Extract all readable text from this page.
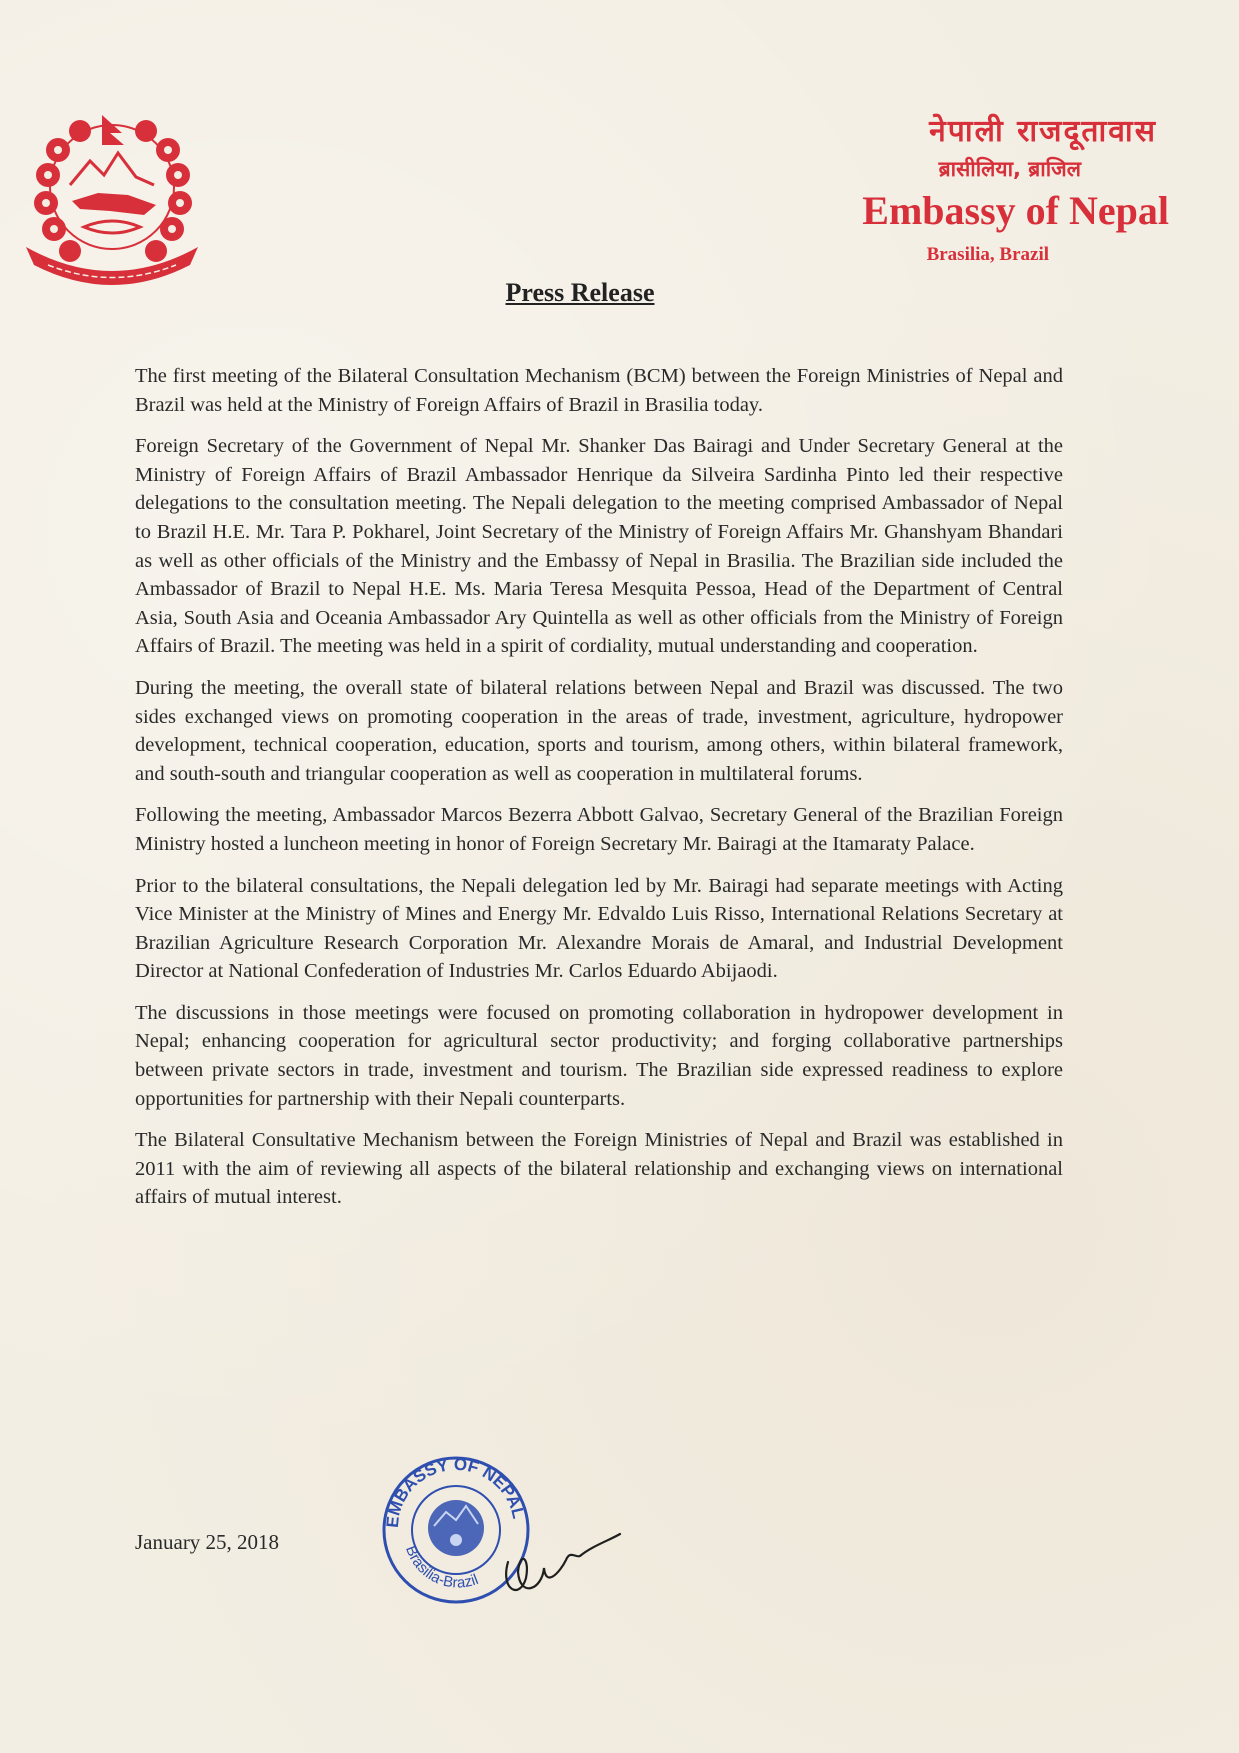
नेपाली राजदूतावास

ब्रासीलिया, ब्राजिल

Embassy of Nepal

Brasilia, Brazil

Press Release

The first meeting of the Bilateral Consultation Mechanism (BCM) between the Foreign Ministries of Nepal and Brazil was held at the Ministry of Foreign Affairs of Brazil in Brasilia today.

Foreign Secretary of the Government of Nepal Mr. Shanker Das Bairagi and Under Secretary General at the Ministry of Foreign Affairs of Brazil Ambassador Henrique da Silveira Sardinha Pinto led their respective delegations to the consultation meeting. The Nepali delegation to the meeting comprised Ambassador of Nepal to Brazil H.E. Mr. Tara P. Pokharel, Joint Secretary of the Ministry of Foreign Affairs Mr. Ghanshyam Bhandari as well as other officials of the Ministry and the Embassy of Nepal in Brasilia. The Brazilian side included the Ambassador of Brazil to Nepal H.E. Ms. Maria Teresa Mesquita Pessoa, Head of the Department of Central Asia, South Asia and Oceania Ambassador Ary Quintella as well as other officials from the Ministry of Foreign Affairs of Brazil. The meeting was held in a spirit of cordiality, mutual understanding and cooperation.

During the meeting, the overall state of bilateral relations between Nepal and Brazil was discussed. The two sides exchanged views on promoting cooperation in the areas of trade, investment, agriculture, hydropower development, technical cooperation, education, sports and tourism, among others, within bilateral framework, and south-south and triangular cooperation as well as cooperation in multilateral forums.

Following the meeting, Ambassador Marcos Bezerra Abbott Galvao, Secretary General of the Brazilian Foreign Ministry hosted a luncheon meeting in honor of Foreign Secretary Mr. Bairagi at the Itamaraty Palace.

Prior to the bilateral consultations, the Nepali delegation led by Mr. Bairagi had separate meetings with Acting Vice Minister at the Ministry of Mines and Energy Mr. Edvaldo Luis Risso, International Relations Secretary at Brazilian Agriculture Research Corporation Mr. Alexandre Morais de Amaral, and Industrial Development Director at National Confederation of Industries Mr. Carlos Eduardo Abijaodi.

The discussions in those meetings were focused on promoting collaboration in hydropower development in Nepal; enhancing cooperation for agricultural sector productivity; and forging collaborative partnerships between private sectors in trade, investment and tourism. The Brazilian side expressed readiness to explore opportunities for partnership with their Nepali counterparts.

The Bilateral Consultative Mechanism between the Foreign Ministries of Nepal and Brazil was established in 2011 with the aim of reviewing all aspects of the bilateral relationship and exchanging views on international affairs of mutual interest.

January 25, 2018
EMBASSY OF NEPAL
Brasilia-Brazil
